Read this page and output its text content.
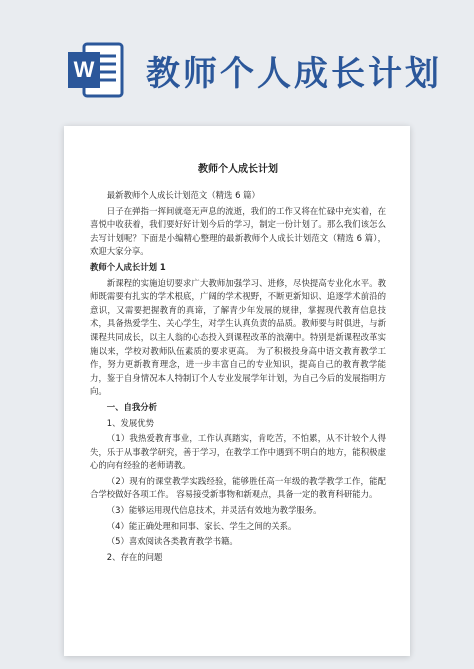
W 教师个人成长计划
教师个人成长计划

最新教师个人成长计划范文（精选 6 篇）

日子在弹指一挥间就毫无声息的流逝，我们的工作又将在忙碌中充实着，在喜悦中收获着，我们要好好计划今后的学习，制定一份计划了。那么我们该怎么去写计划呢？下面是小编精心整理的最新教师个人成长计划范文（精选 6 篇），欢迎大家分享。

教师个人成长计划 1

新课程的实施迫切要求广大教师加强学习、进修，尽快提高专业化水平。教师既需要有扎实的学术根底，广阔的学术视野，不断更新知识、追逐学术前沿的意识，又需要把握教育的真谛，了解青少年发展的规律，掌握现代教育信息技术，具备热爱学生、关心学生，对学生认真负责的品质。教师要与时俱进，与新课程共同成长，以主人翁的心态投入到课程改革的浪潮中。特别是新课程改革实施以来，学校对教师队伍素质的要求更高。 为了积极投身高中语文教育教学工作，努力更新教育理念，进一步丰富自己的专业知识，提高自己的教育教学能力，鉴于自身情况本人特制订个人专业发展学年计划，为自己今后的发展指明方向。

一、自我分析

1、发展优势

（1）我热爱教育事业，工作认真踏实，肯吃苦，不怕累，从不计较个人得失，乐于从事教学研究，善于学习，在教学工作中遇到不明白的地方，能积极虚心的向有经验的老师请教。

（2）现有的课堂教学实践经验，能够胜任高一年级的教学教学工作，能配合学校做好各项工作。 容易接受新事物和新观点，具备一定的教育科研能力。

（3）能够运用现代信息技术，并灵活有效地为教学服务。

（4）能正确处理和同事、家长、学生之间的关系。

（5）喜欢阅读各类教育教学书籍。

2、存在的问题
